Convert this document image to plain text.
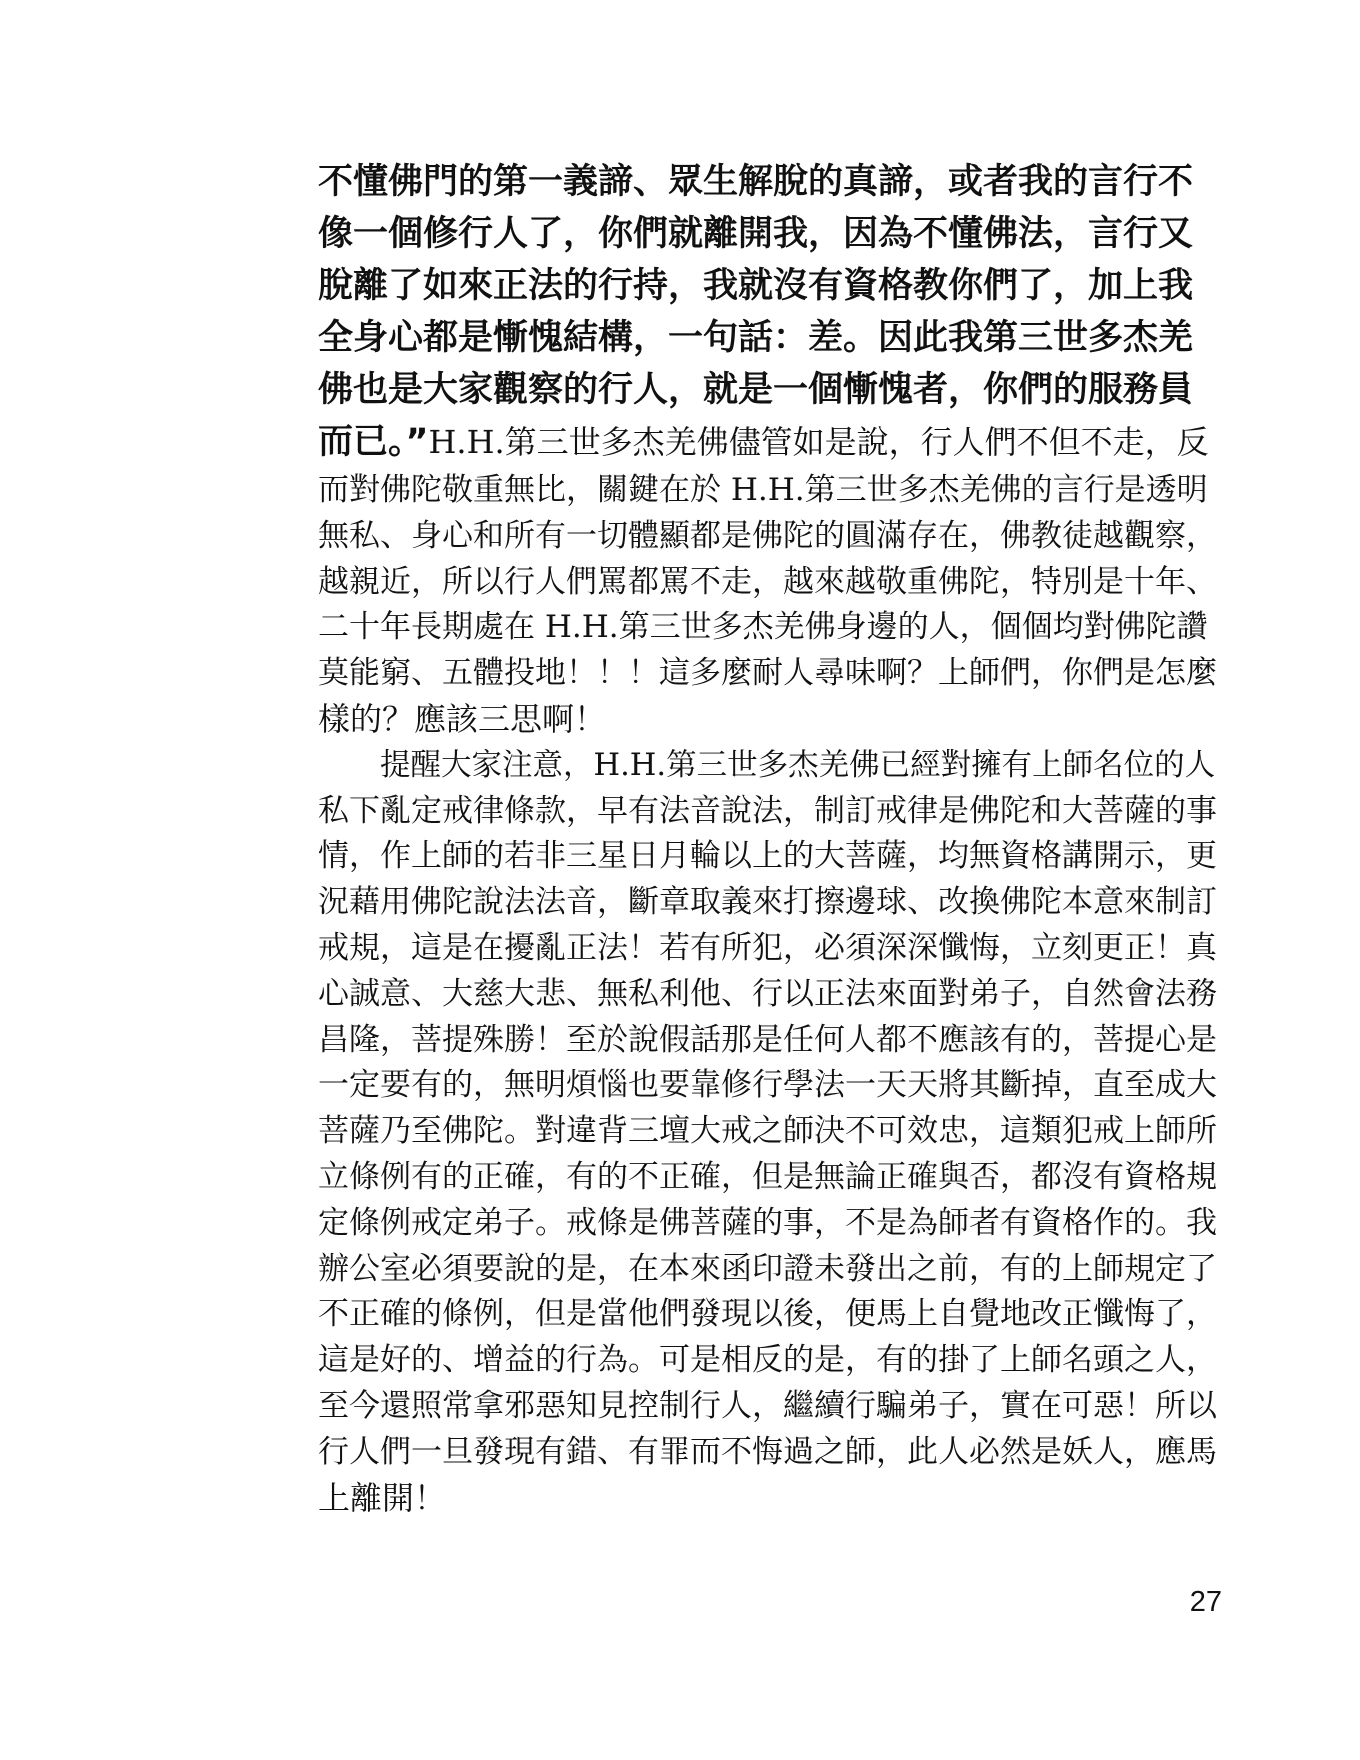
不懂佛門的第一義諦、眾生解脫的真諦，或者我的言行不
像一個修行人了，你們就離開我，因為不懂佛法，言行又
脫離了如來正法的行持，我就沒有資格教你們了，加上我
全身心都是慚愧結構，一句話：差。因此我第三世多杰羌
佛也是大家觀察的行人，就是一個慚愧者，你們的服務員
而已。”H.H.第三世多杰羌佛儘管如是說，行人們不但不走，反
而對佛陀敬重無比，關鍵在於 H.H.第三世多杰羌佛的言行是透明
無私、身心和所有一切體顯都是佛陀的圓滿存在，佛教徒越觀察，
越親近，所以行人們罵都罵不走，越來越敬重佛陀，特別是十年、
二十年長期處在 H.H.第三世多杰羌佛身邊的人，個個均對佛陀讚
莫能窮、五體投地！！！這多麼耐人尋味啊？上師們，你們是怎麼
樣的？應該三思啊！
提醒大家注意，H.H.第三世多杰羌佛已經對擁有上師名位的人
私下亂定戒律條款，早有法音說法，制訂戒律是佛陀和大菩薩的事
情，作上師的若非三星日月輪以上的大菩薩，均無資格講開示，更
況藉用佛陀說法法音，斷章取義來打擦邊球、改換佛陀本意來制訂
戒規，這是在擾亂正法！若有所犯，必須深深懺悔，立刻更正！真
心誠意、大慈大悲、無私利他、行以正法來面對弟子，自然會法務
昌隆，菩提殊勝！至於說假話那是任何人都不應該有的，菩提心是
一定要有的，無明煩惱也要靠修行學法一天天將其斷掉，直至成大
菩薩乃至佛陀。對違背三壇大戒之師決不可效忠，這類犯戒上師所
立條例有的正確，有的不正確，但是無論正確與否，都沒有資格規
定條例戒定弟子。戒條是佛菩薩的事，不是為師者有資格作的。我
辦公室必須要說的是，在本來函印證未發出之前，有的上師規定了
不正確的條例，但是當他們發現以後，便馬上自覺地改正懺悔了，
這是好的、增益的行為。可是相反的是，有的掛了上師名頭之人，
至今還照常拿邪惡知見控制行人，繼續行騙弟子，實在可惡！所以
行人們一旦發現有錯、有罪而不悔過之師，此人必然是妖人，應馬
上離開！
27
